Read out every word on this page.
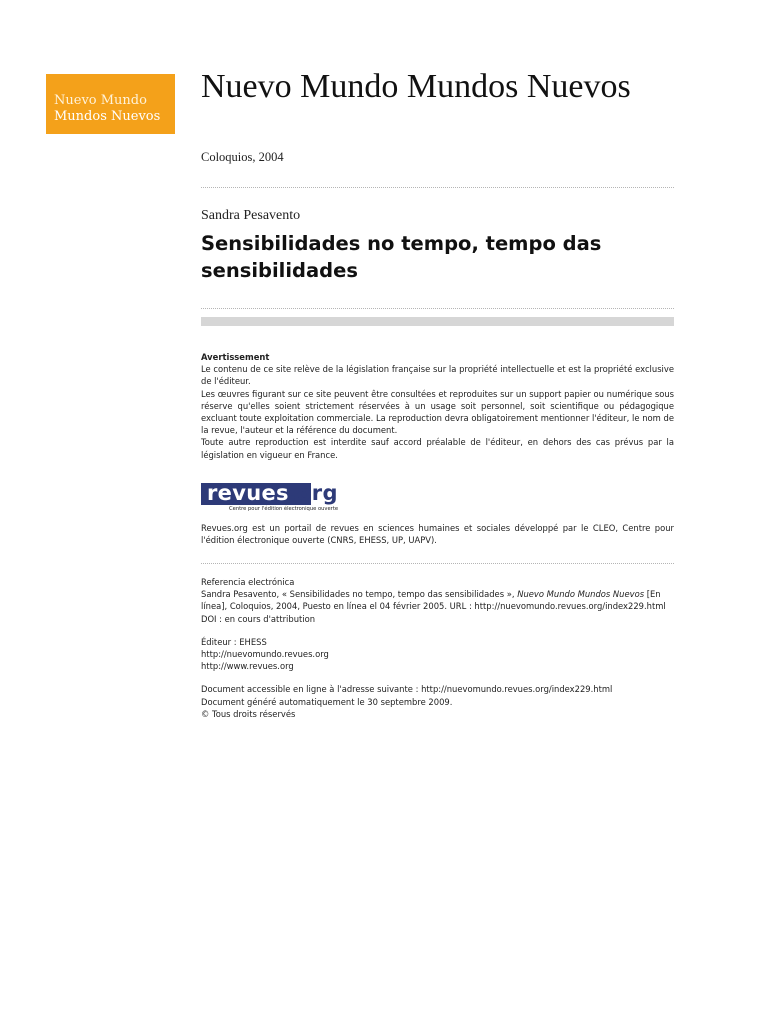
Nuevo Mundo
Mundos Nuevos
Nuevo Mundo Mundos Nuevos
Coloquios, 2004
Sandra Pesavento
Sensibilidades no tempo, tempo das sensibilidades

Avertissement

Le contenu de ce site relève de la législation française sur la propriété intellectuelle et est la propriété exclusive de l'éditeur.

Les œuvres figurant sur ce site peuvent être consultées et reproduites sur un support papier ou numérique sous réserve qu'elles soient strictement réservées à un usage soit personnel, soit scientifique ou pédagogique excluant toute exploitation commerciale. La reproduction devra obligatoirement mentionner l'éditeur, le nom de la revue, l'auteur et la référence du document.

Toute autre reproduction est interdite sauf accord préalable de l'éditeur, en dehors des cas prévus par la législation en vigueur en France.

revues.org
Centre pour l'édition électronique ouverte
Revues.org est un portail de revues en sciences humaines et sociales développé par le CLEO, Centre pour l'édition électronique ouverte (CNRS, EHESS, UP, UAPV).

Referencia electrónica

Sandra Pesavento, « Sensibilidades no tempo, tempo das sensibilidades », Nuevo Mundo Mundos Nuevos [En línea], Coloquios, 2004, Puesto en línea el 04 février 2005. URL : http://nuevomundo.revues.org/index229.html

DOI : en cours d'attribution

Éditeur : EHESS

http://nuevomundo.revues.org

http://www.revues.org

Document accessible en ligne à l'adresse suivante : http://nuevomundo.revues.org/index229.html

Document généré automatiquement le 30 septembre 2009.

© Tous droits réservés
